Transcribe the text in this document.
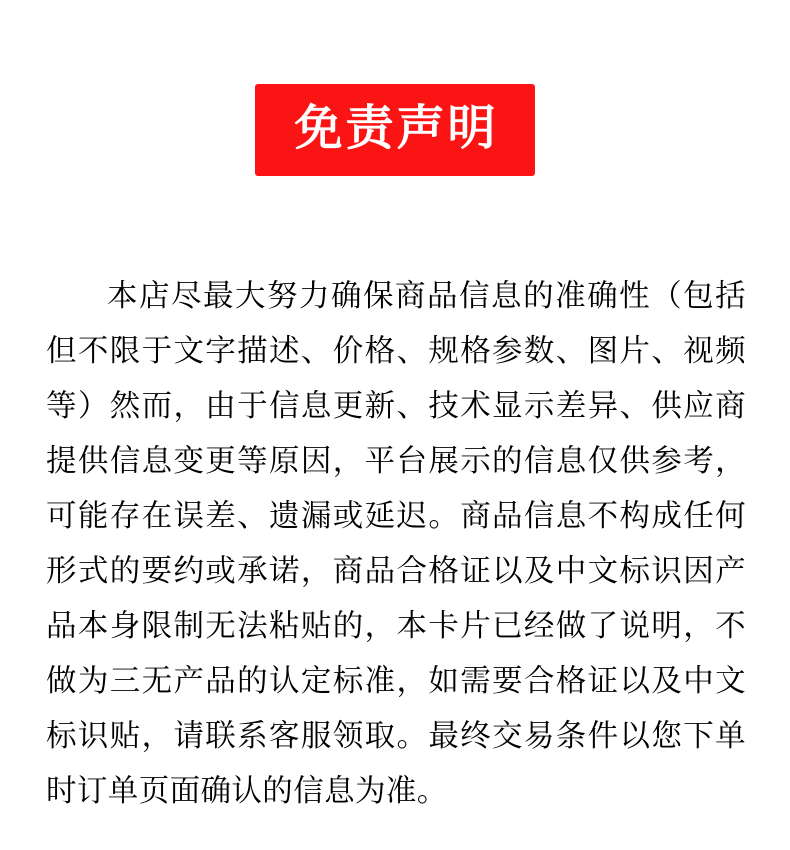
免责声明

本店尽最大努力确保商品信息的准确性（包括但不限于文字描述、价格、规格参数、图片、视频等）然而，由于信息更新、技术显示差异、供应商提供信息变更等原因，平台展示的信息仅供参考，可能存在误差、遗漏或延迟。商品信息不构成任何形式的要约或承诺，商品合格证以及中文标识因产品本身限制无法粘贴的，本卡片已经做了说明，不做为三无产品的认定标准，如需要合格证以及中文标识贴，请联系客服领取。最终交易条件以您下单时订单页面确认的信息为准。
